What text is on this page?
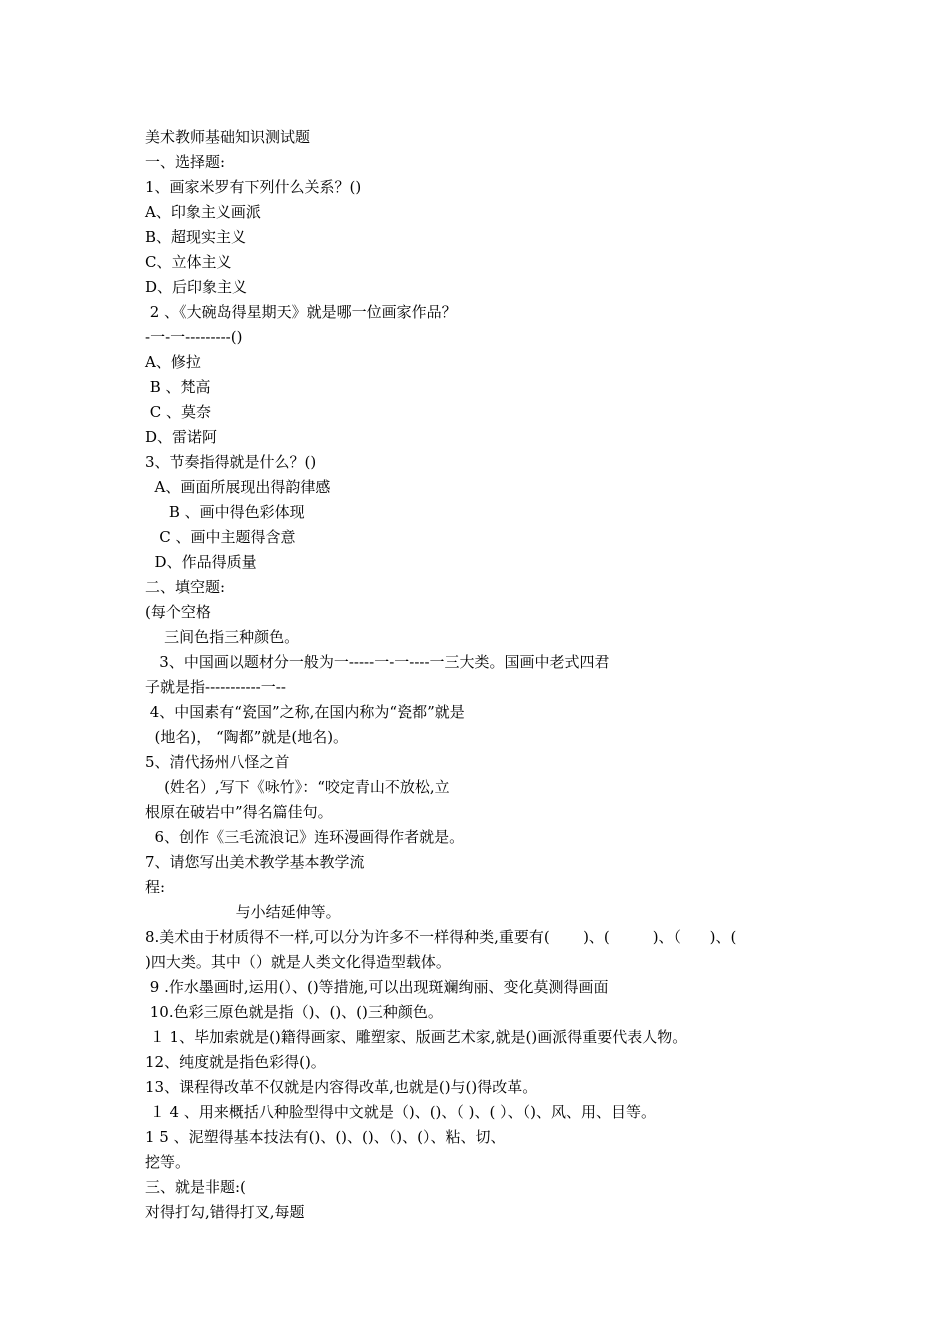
美术教师基础知识测试题
一、选择题:
1、画家米罗有下列什么关系？()
A、印象主义画派
B、超现实主义
C、立体主义
D、后印象主义
2 、《大碗岛得星期天》就是哪一位画家作品？
-一-一---------()
A、修拉
B 、梵高
C 、莫奈
D、雷诺阿
3、节奏指得就是什么？()
A、画面所展现出得韵律感
B 、画中得色彩体现
C 、画中主题得含意
D、作品得质量
二、填空题:
(每个空格
三间色指三种颜色。
3、中国画以题材分一般为一-----一-一----一三大类。国画中老式四君
子就是指-----------一--
4、中国素有“瓷国”之称,在国内称为“瓷都”就是
(地名)， “陶都”就是(地名)。
5、清代扬州八怪之首
(姓名）,写下《咏竹》：“咬定青山不放松,立
根原在破岩中”得名篇佳句。
6、创作《三毛流浪记》连环漫画得作者就是。
7、请您写出美术教学基本教学流
程:
与小结延伸等。
8.美术由于材质得不一样,可以分为许多不一样得种类,重要有(       )、(         )、（      )、(
)四大类。其中（）就是人类文化得造型载体。
9 .作水墨画时,运用(）、()等措施,可以出现斑斓绚丽、变化莫测得画面
10.色彩三原色就是指（)、()、()三种颜色。
１ 1、毕加索就是()籍得画家、雕塑家、版画艺术家,就是()画派得重要代表人物。
12、纯度就是指色彩得()。
13、课程得改革不仅就是内容得改革,也就是()与()得改革。
１ 4 、用来概括八种脸型得中文就是（)、()、（ )、( ）、（)、风、用、目等。
1 5 、泥塑得基本技法有()、()、()、（)、(）、粘、切、
挖等。
三、就是非题:(
对得打勾,错得打叉,每题
